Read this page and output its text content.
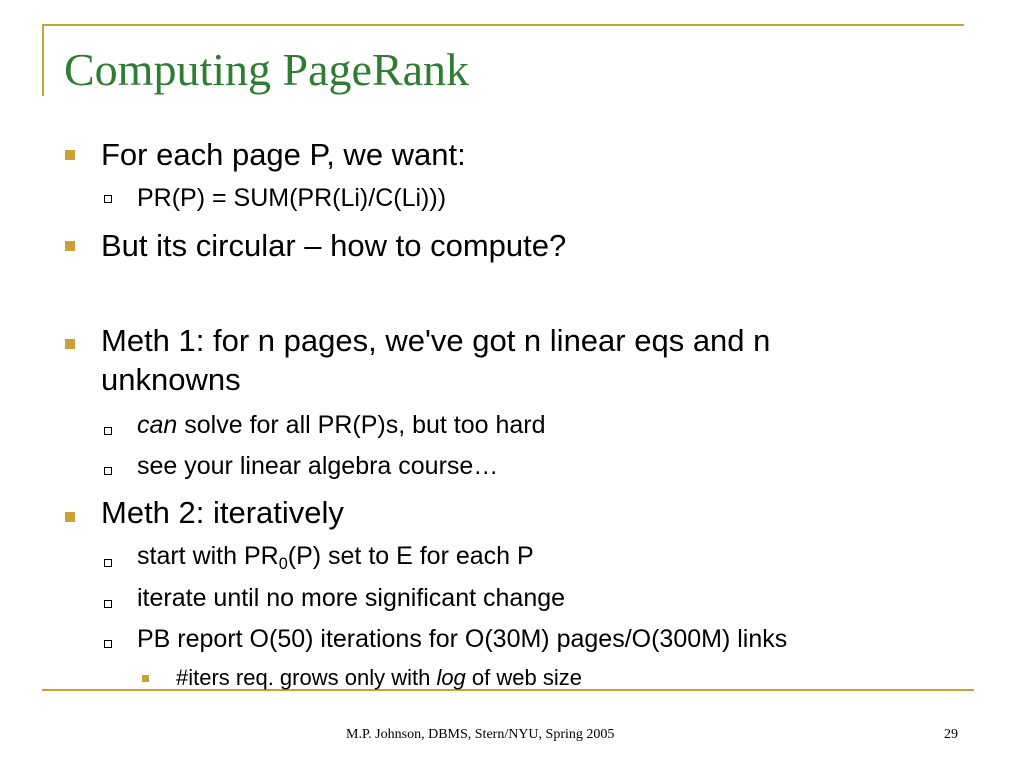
Computing PageRank
For each page P, we want:
PR(P) = SUM(PR(Li)/C(Li)))
But its circular – how to compute?
Meth 1: for n pages, we've got n linear eqs and n
unknowns
can solve for all PR(P)s, but too hard
see your linear algebra course…
Meth 2: iteratively
start with $PR_0(P)$ set to E for each P
iterate until no more significant change
PB report O(50) iterations for O(30M) pages/O(300M) links
#iters req. grows only with log of web size
M.P. Johnson, DBMS, Stern/NYU, Spring 2005	29
